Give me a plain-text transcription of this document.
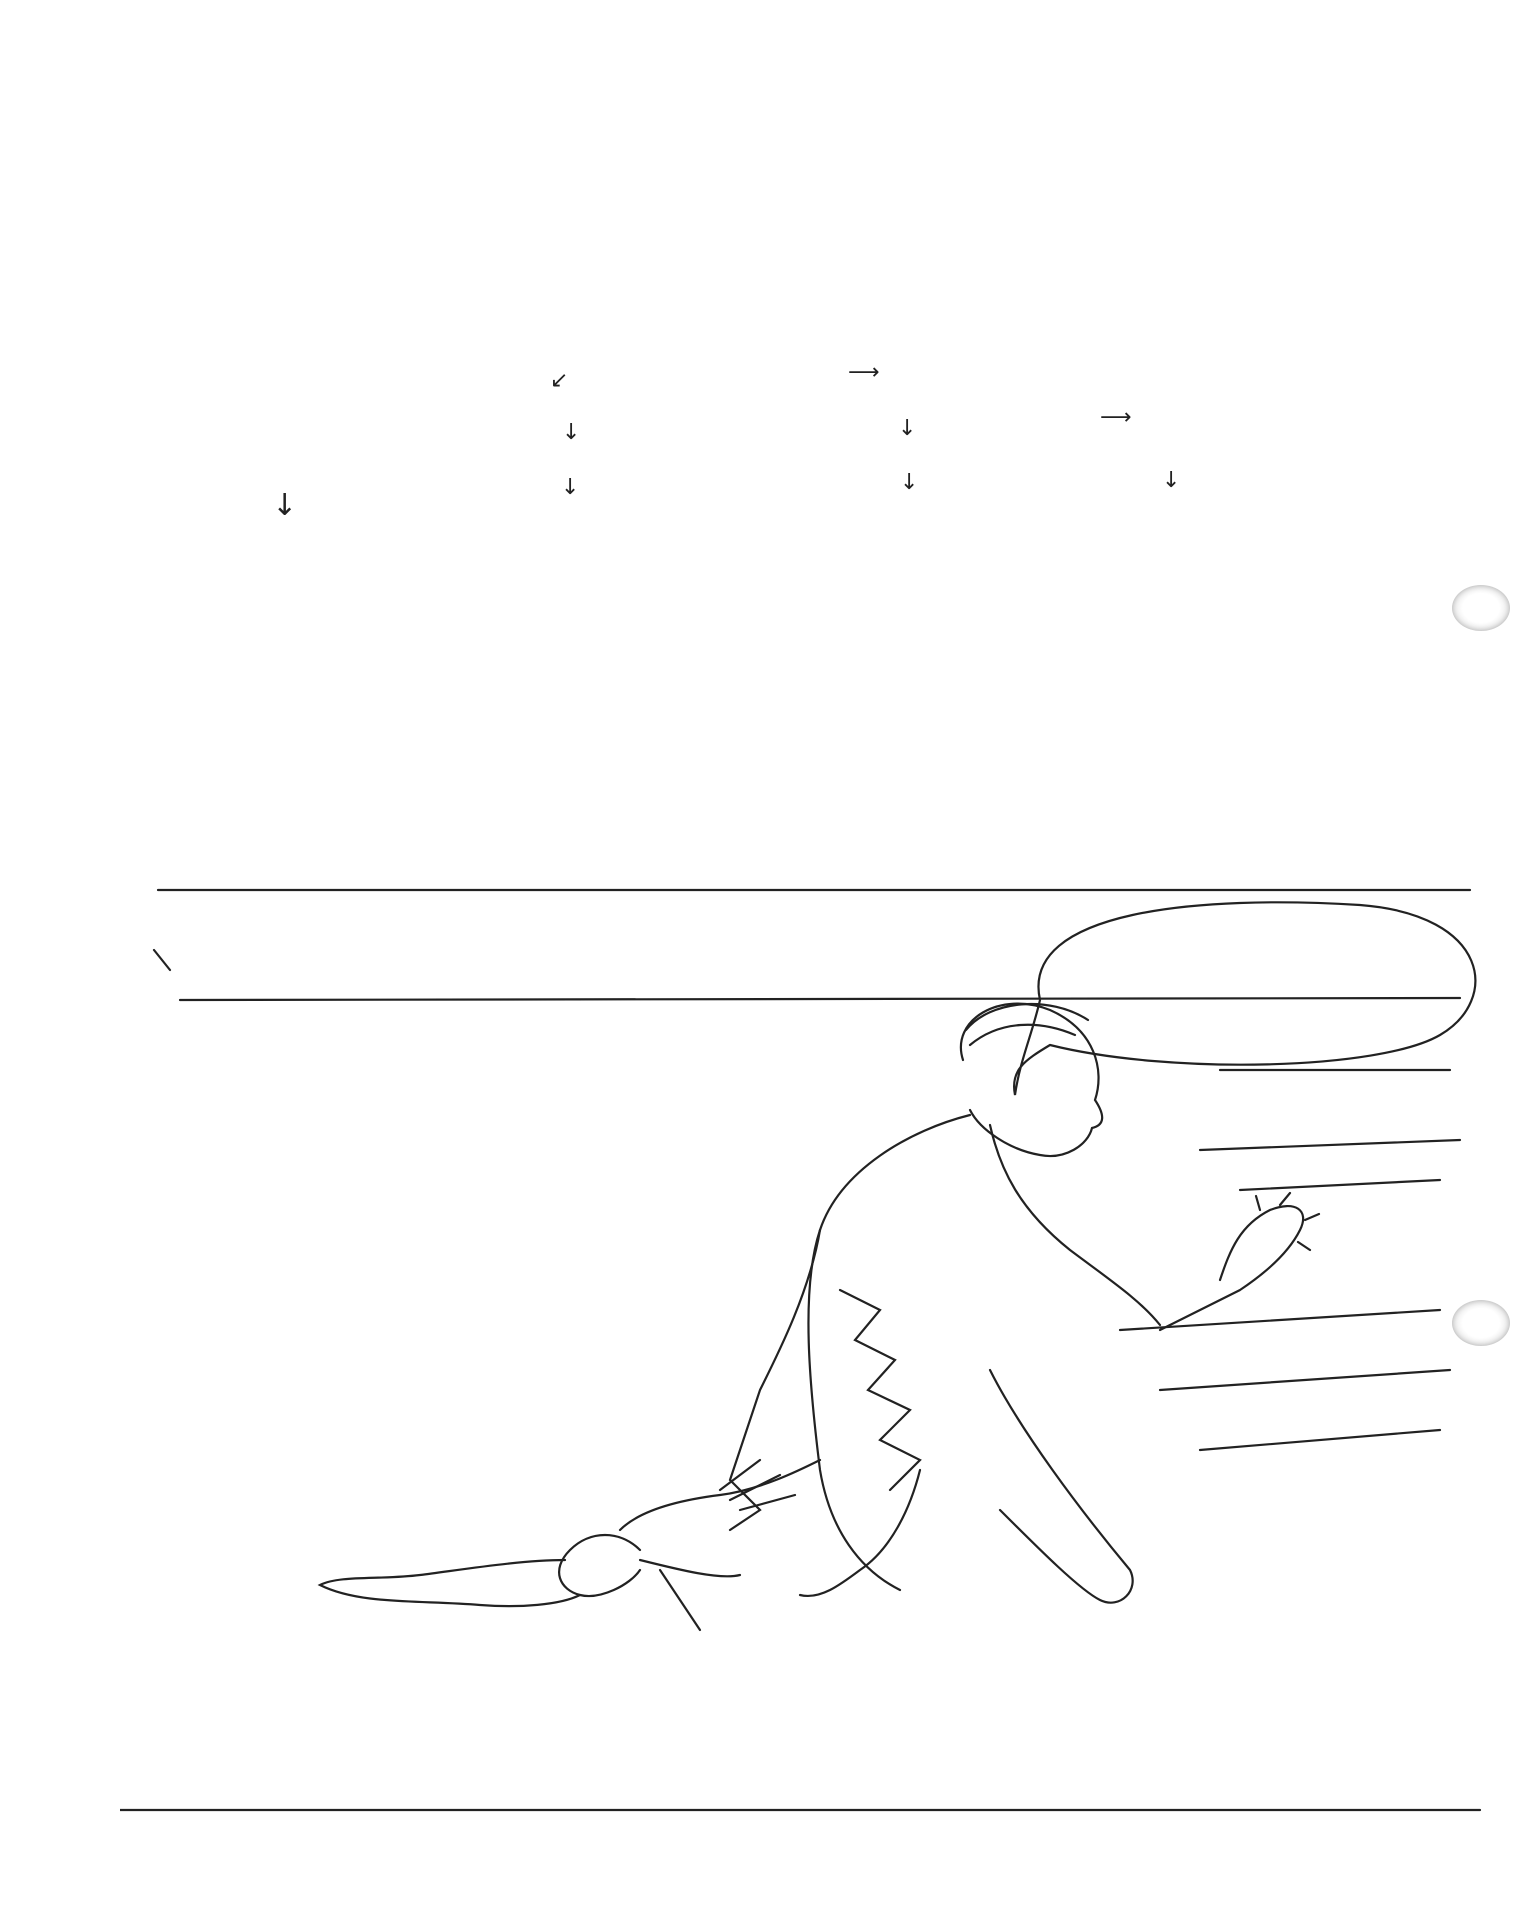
⟶
↙
⟶
↓	↓
↓
↓	↓	↓
